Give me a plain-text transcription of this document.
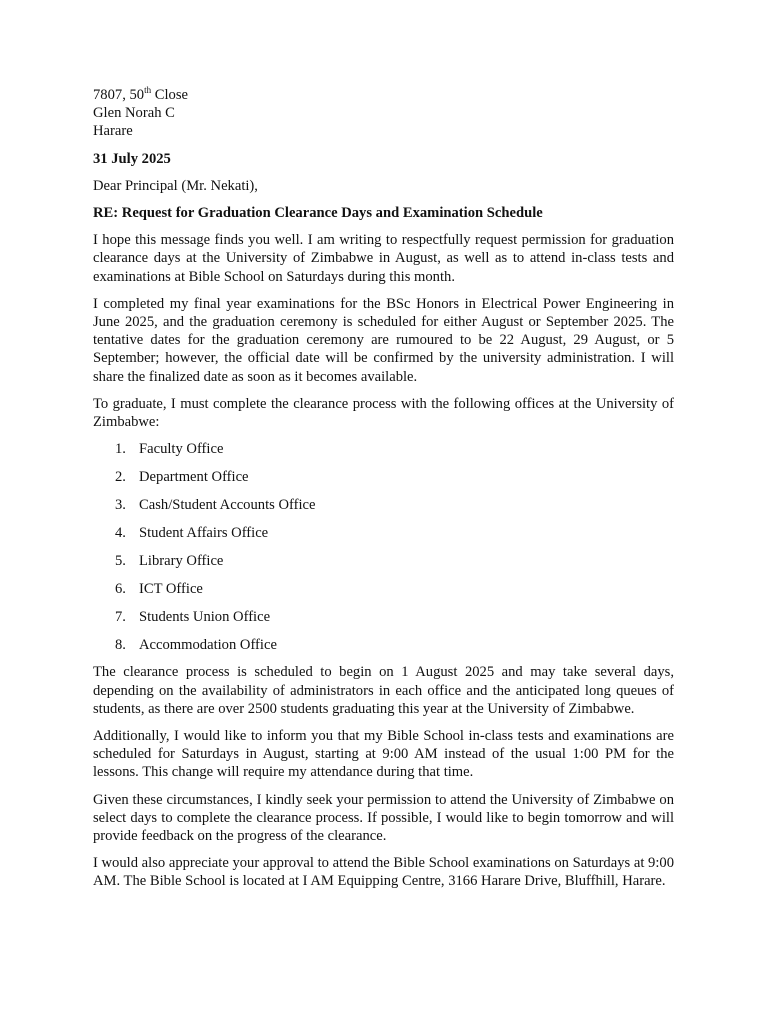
7807, 50th Close
Glen Norah C
Harare
31 July 2025
Dear Principal (Mr. Nekati),
RE: Request for Graduation Clearance Days and Examination Schedule

I hope this message finds you well. I am writing to respectfully request permission for graduation clearance days at the University of Zimbabwe in August, as well as to attend in-class tests and examinations at Bible School on Saturdays during this month.

I completed my final year examinations for the BSc Honors in Electrical Power Engineering in June 2025, and the graduation ceremony is scheduled for either August or September 2025. The tentative dates for the graduation ceremony are rumoured to be 22 August, 29 August, or 5 September; however, the official date will be confirmed by the university administration. I will share the finalized date as soon as it becomes available.

To graduate, I must complete the clearance process with the following offices at the University of Zimbabwe:

1. Faculty Office
2. Department Office
3. Cash/Student Accounts Office
4. Student Affairs Office
5. Library Office
6. ICT Office
7. Students Union Office
8. Accommodation Office

The clearance process is scheduled to begin on 1 August 2025 and may take several days, depending on the availability of administrators in each office and the anticipated long queues of students, as there are over 2500 students graduating this year at the University of Zimbabwe.

Additionally, I would like to inform you that my Bible School in-class tests and examinations are scheduled for Saturdays in August, starting at 9:00 AM instead of the usual 1:00 PM for the lessons. This change will require my attendance during that time.

Given these circumstances, I kindly seek your permission to attend the University of Zimbabwe on select days to complete the clearance process. If possible, I would like to begin tomorrow and will provide feedback on the progress of the clearance.

I would also appreciate your approval to attend the Bible School examinations on Saturdays at 9:00 AM. The Bible School is located at I AM Equipping Centre, 3166 Harare Drive, Bluffhill, Harare.
